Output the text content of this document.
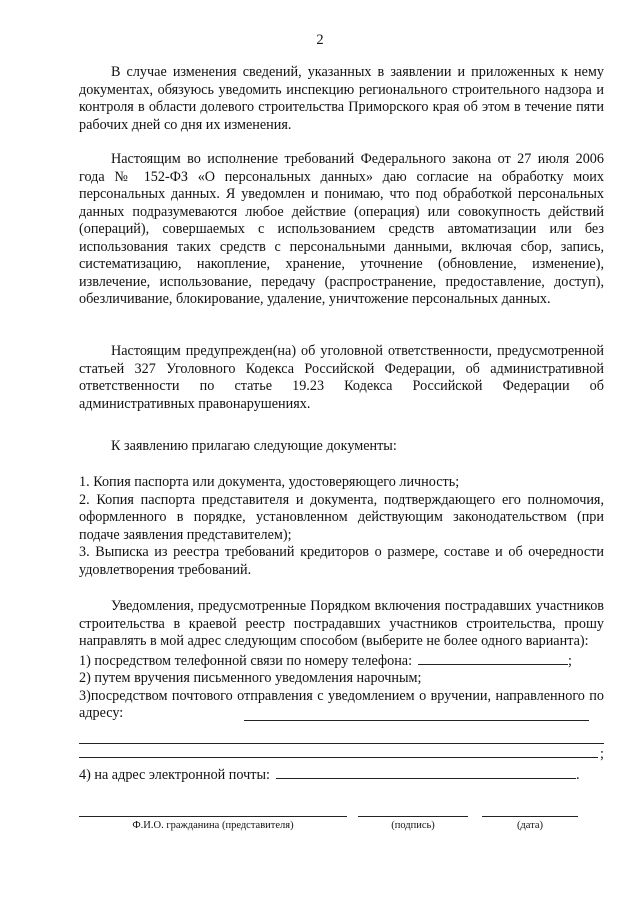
2

В случае изменения сведений, указанных в заявлении и приложенных к нему документах, обязуюсь уведомить инспекцию регионального строительного надзора и контроля в области долевого строительства Приморского края об этом в течение пяти рабочих дней со дня их изменения.

Настоящим во исполнение требований Федерального закона от 27 июля 2006 года № 152-ФЗ «О персональных данных» даю согласие на обработку моих персональных данных. Я уведомлен и понимаю, что под обработкой персональных данных подразумеваются любое действие (операция) или совокупность действий (операций), совершаемых с использованием средств автоматизации или без использования таких средств с персональными данными, включая сбор, запись, систематизацию, накопление, хранение, уточнение (обновление, изменение), извлечение, использование, передачу (распространение, предоставление, доступ), обезличивание, блокирование, удаление, уничтожение персональных данных.

Настоящим предупрежден(на) об уголовной ответственности, предусмотренной статьей 327 Уголовного Кодекса Российской Федерации, об административной ответственности по статье 19.23 Кодекса Российской Федерации об административных правонарушениях.

К заявлению прилагаю следующие документы:

1. Копия паспорта или документа, удостоверяющего личность;

2. Копия паспорта представителя и документа, подтверждающего его полномочия, оформленного в порядке, установленном действующим законодательством (при подаче заявления представителем);

3. Выписка из реестра требований кредиторов о размере, составе и об очередности удовлетворения требований.

Уведомления, предусмотренные Порядком включения пострадавших участников строительства в краевой реестр пострадавших участников строительства, прошу направлять в мой адрес следующим способом (выберите не более одного варианта):

1) посредством телефонной связи по номеру телефона:	;

2) путем вручения письменного уведомления нарочным;

3)посредством почтового отправления с уведомлением о вручении, направленного по адресу:

;
4) на адрес электронной почты:	.
Ф.И.О. гражданина (представителя)	(подпись)	(дата)
